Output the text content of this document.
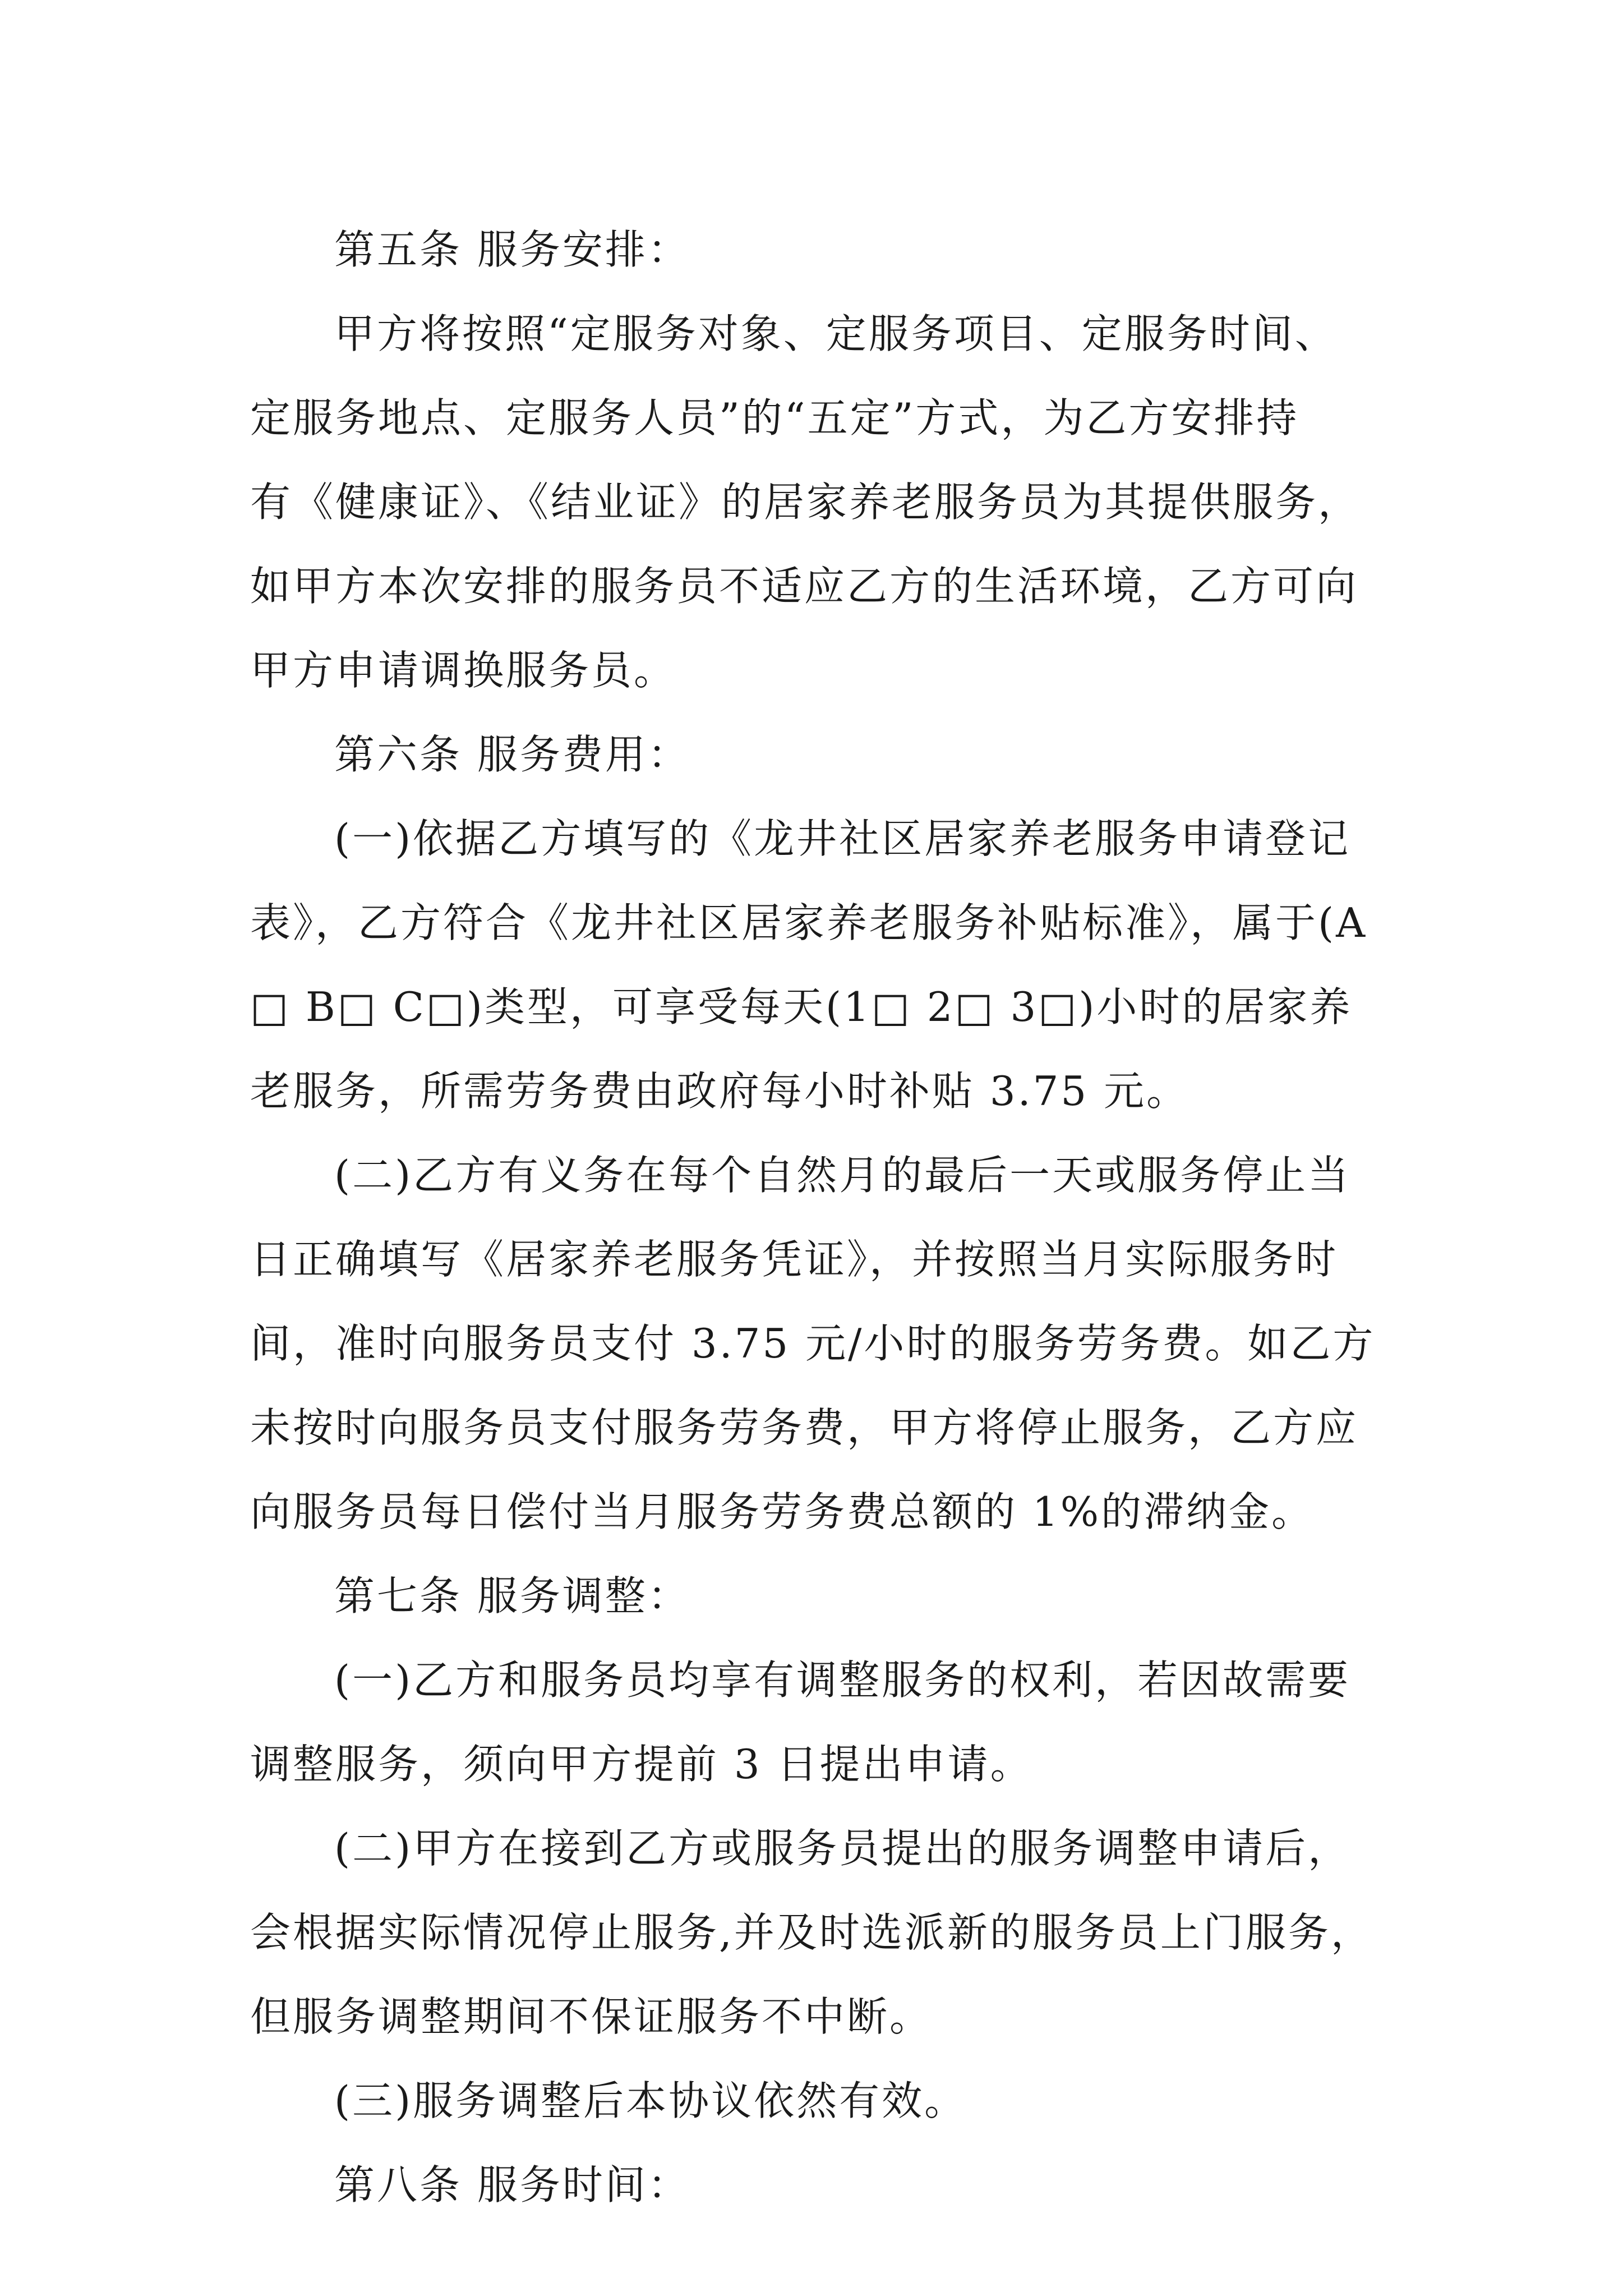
第五条 服务安排：
甲方将按照“定服务对象、定服务项目、定服务时间、
定服务地点、定服务人员”的“五定”方式，为乙方安排持
有《健康证》、《结业证》的居家养老服务员为其提供服务，
如甲方本次安排的服务员不适应乙方的生活环境，乙方可向
甲方申请调换服务员。
第六条 服务费用：
(一)依据乙方填写的《龙井社区居家养老服务申请登记
表》，乙方符合《龙井社区居家养老服务补贴标准》，属于(A
□ B□ C□)类型，可享受每天(1□ 2□ 3□)小时的居家养
老服务，所需劳务费由政府每小时补贴 3.75 元。
(二)乙方有义务在每个自然月的最后一天或服务停止当
日正确填写《居家养老服务凭证》，并按照当月实际服务时
间，准时向服务员支付 3.75 元/小时的服务劳务费。如乙方
未按时向服务员支付服务劳务费，甲方将停止服务，乙方应
向服务员每日偿付当月服务劳务费总额的 1%的滞纳金。
第七条 服务调整：
(一)乙方和服务员均享有调整服务的权利，若因故需要
调整服务，须向甲方提前 3 日提出申请。
(二)甲方在接到乙方或服务员提出的服务调整申请后，
会根据实际情况停止服务,并及时选派新的服务员上门服务，
但服务调整期间不保证服务不中断。
(三)服务调整后本协议依然有效。
第八条 服务时间：
